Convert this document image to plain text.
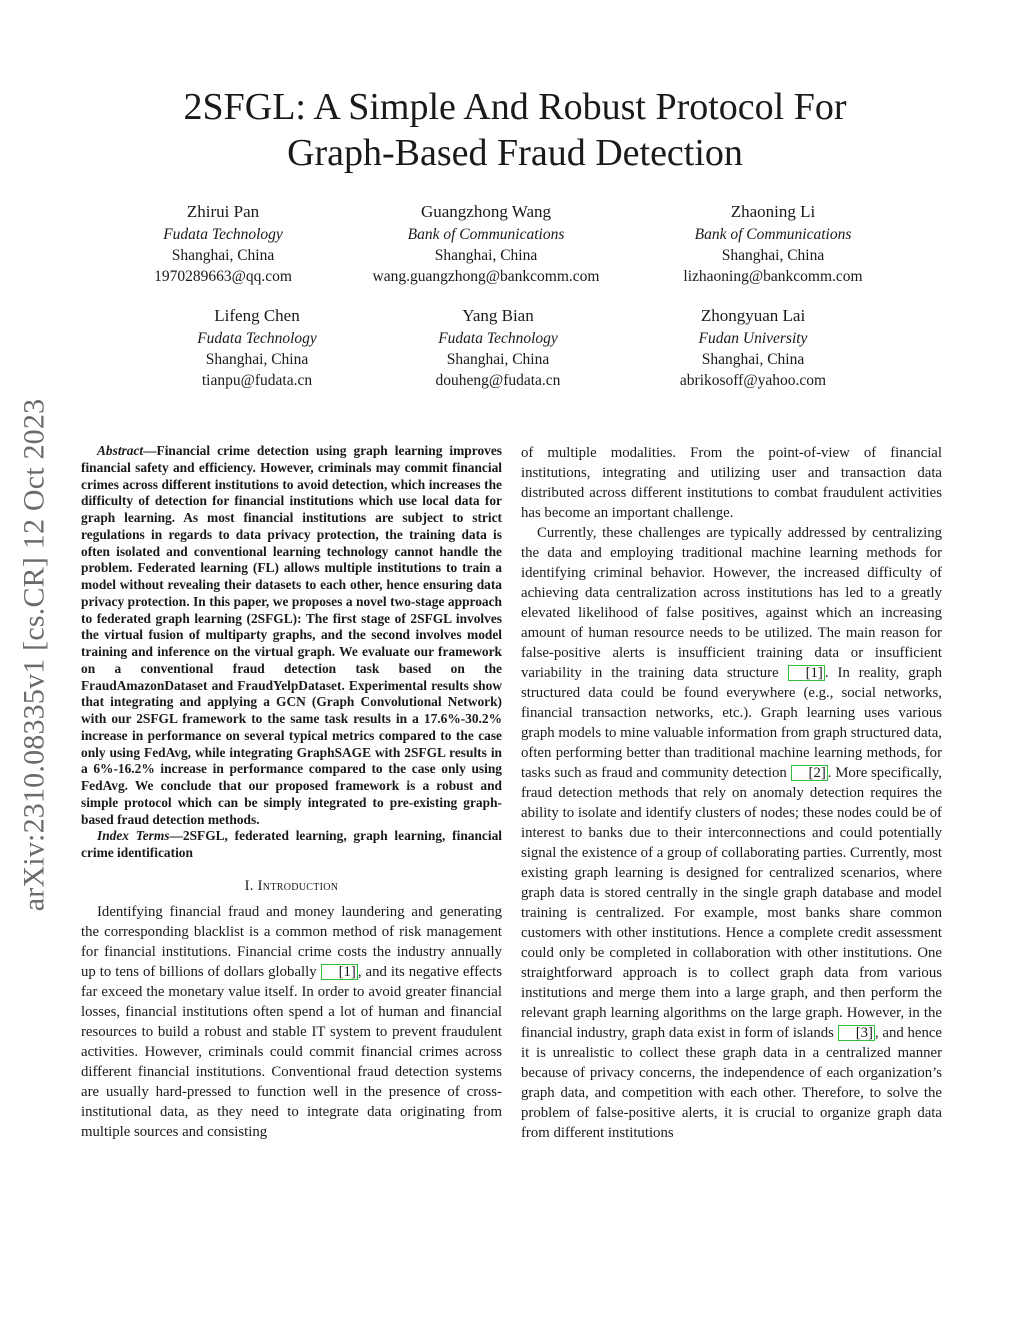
arXiv:2310.08335v1 [cs.CR] 12 Oct 2023
2SFGL: A Simple And Robust Protocol For
Graph-Based Fraud Detection
Zhirui Pan
Fudata Technology
Shanghai, China
1970289663@qq.com
Guangzhong Wang
Bank of Communications
Shanghai, China
wang.guangzhong@bankcomm.com
Zhaoning Li
Bank of Communications
Shanghai, China
lizhaoning@bankcomm.com
Lifeng Chen
Fudata Technology
Shanghai, China
tianpu@fudata.cn
Yang Bian
Fudata Technology
Shanghai, China
douheng@fudata.cn
Zhongyuan Lai
Fudan University
Shanghai, China
abrikosoff@yahoo.com

Abstract—Financial crime detection using graph learning improves financial safety and efficiency. However, criminals may commit financial crimes across different institutions to avoid detection, which increases the difficulty of detection for financial institutions which use local data for graph learning. As most financial institutions are subject to strict regulations in regards to data privacy protection, the training data is often isolated and conventional learning technology cannot handle the problem. Federated learning (FL) allows multiple institutions to train a model without revealing their datasets to each other, hence ensuring data privacy protection. In this paper, we proposes a novel two-stage approach to federated graph learning (2SFGL): The first stage of 2SFGL involves the virtual fusion of multiparty graphs, and the second involves model training and inference on the virtual graph. We evaluate our framework on a conventional fraud detection task based on the FraudAmazonDataset and FraudYelpDataset. Experimental results show that integrating and applying a GCN (Graph Convolutional Network) with our 2SFGL framework to the same task results in a 17.6%-30.2% increase in performance on several typical metrics compared to the case only using FedAvg, while integrating GraphSAGE with 2SFGL results in a 6%-16.2% increase in performance compared to the case only using FedAvg. We conclude that our proposed framework is a robust and simple protocol which can be simply integrated to pre-existing graph-based fraud detection methods.

Index Terms—2SFGL, federated learning, graph learning, financial crime identification

I. Introduction

Identifying financial fraud and money laundering and generating the corresponding blacklist is a common method of risk management for financial institutions. Financial crime costs the industry annually up to tens of billions of dollars globally [1] , and its negative effects far exceed the monetary value itself. In order to avoid greater financial losses, financial institutions often spend a lot of human and financial resources to build a robust and stable IT system to prevent fraudulent activities. However, criminals could commit financial crimes across different financial institutions. Conventional fraud detection systems are usually hard-pressed to function well in the presence of cross-institutional data, as they need to integrate data originating from multiple sources and consisting

of multiple modalities. From the point-of-view of financial institutions, integrating and utilizing user and transaction data distributed across different institutions to combat fraudulent activities has become an important challenge.

Currently, these challenges are typically addressed by centralizing the data and employing traditional machine learning methods for identifying criminal behavior. However, the increased difficulty of achieving data centralization across institutions has led to a greatly elevated likelihood of false positives, against which an increasing amount of human resource needs to be utilized. The main reason for false-positive alerts is insufficient training data or insufficient variability in the training data structure [1] . In reality, graph structured data could be found everywhere (e.g., social networks, financial transaction networks, etc.). Graph learning uses various graph models to mine valuable information from graph structured data, often performing better than traditional machine learning methods, for tasks such as fraud and community detection [2] . More specifically, fraud detection methods that rely on anomaly detection requires the ability to isolate and identify clusters of nodes; these nodes could be of interest to banks due to their interconnections and could potentially signal the existence of a group of collaborating parties. Currently, most existing graph learning is designed for centralized scenarios, where graph data is stored centrally in the single graph database and model training is centralized. For example, most banks share common customers with other institutions. Hence a complete credit assessment could only be completed in collaboration with other institutions. One straightforward approach is to collect graph data from various institutions and merge them into a large graph, and then perform the relevant graph learning algorithms on the large graph. However, in the financial industry, graph data exist in form of islands [3] , and hence it is unrealistic to collect these graph data in a centralized manner because of privacy concerns, the independence of each organization’s graph data, and competition with each other. Therefore, to solve the problem of false-positive alerts, it is crucial to organize graph data from different institutions
